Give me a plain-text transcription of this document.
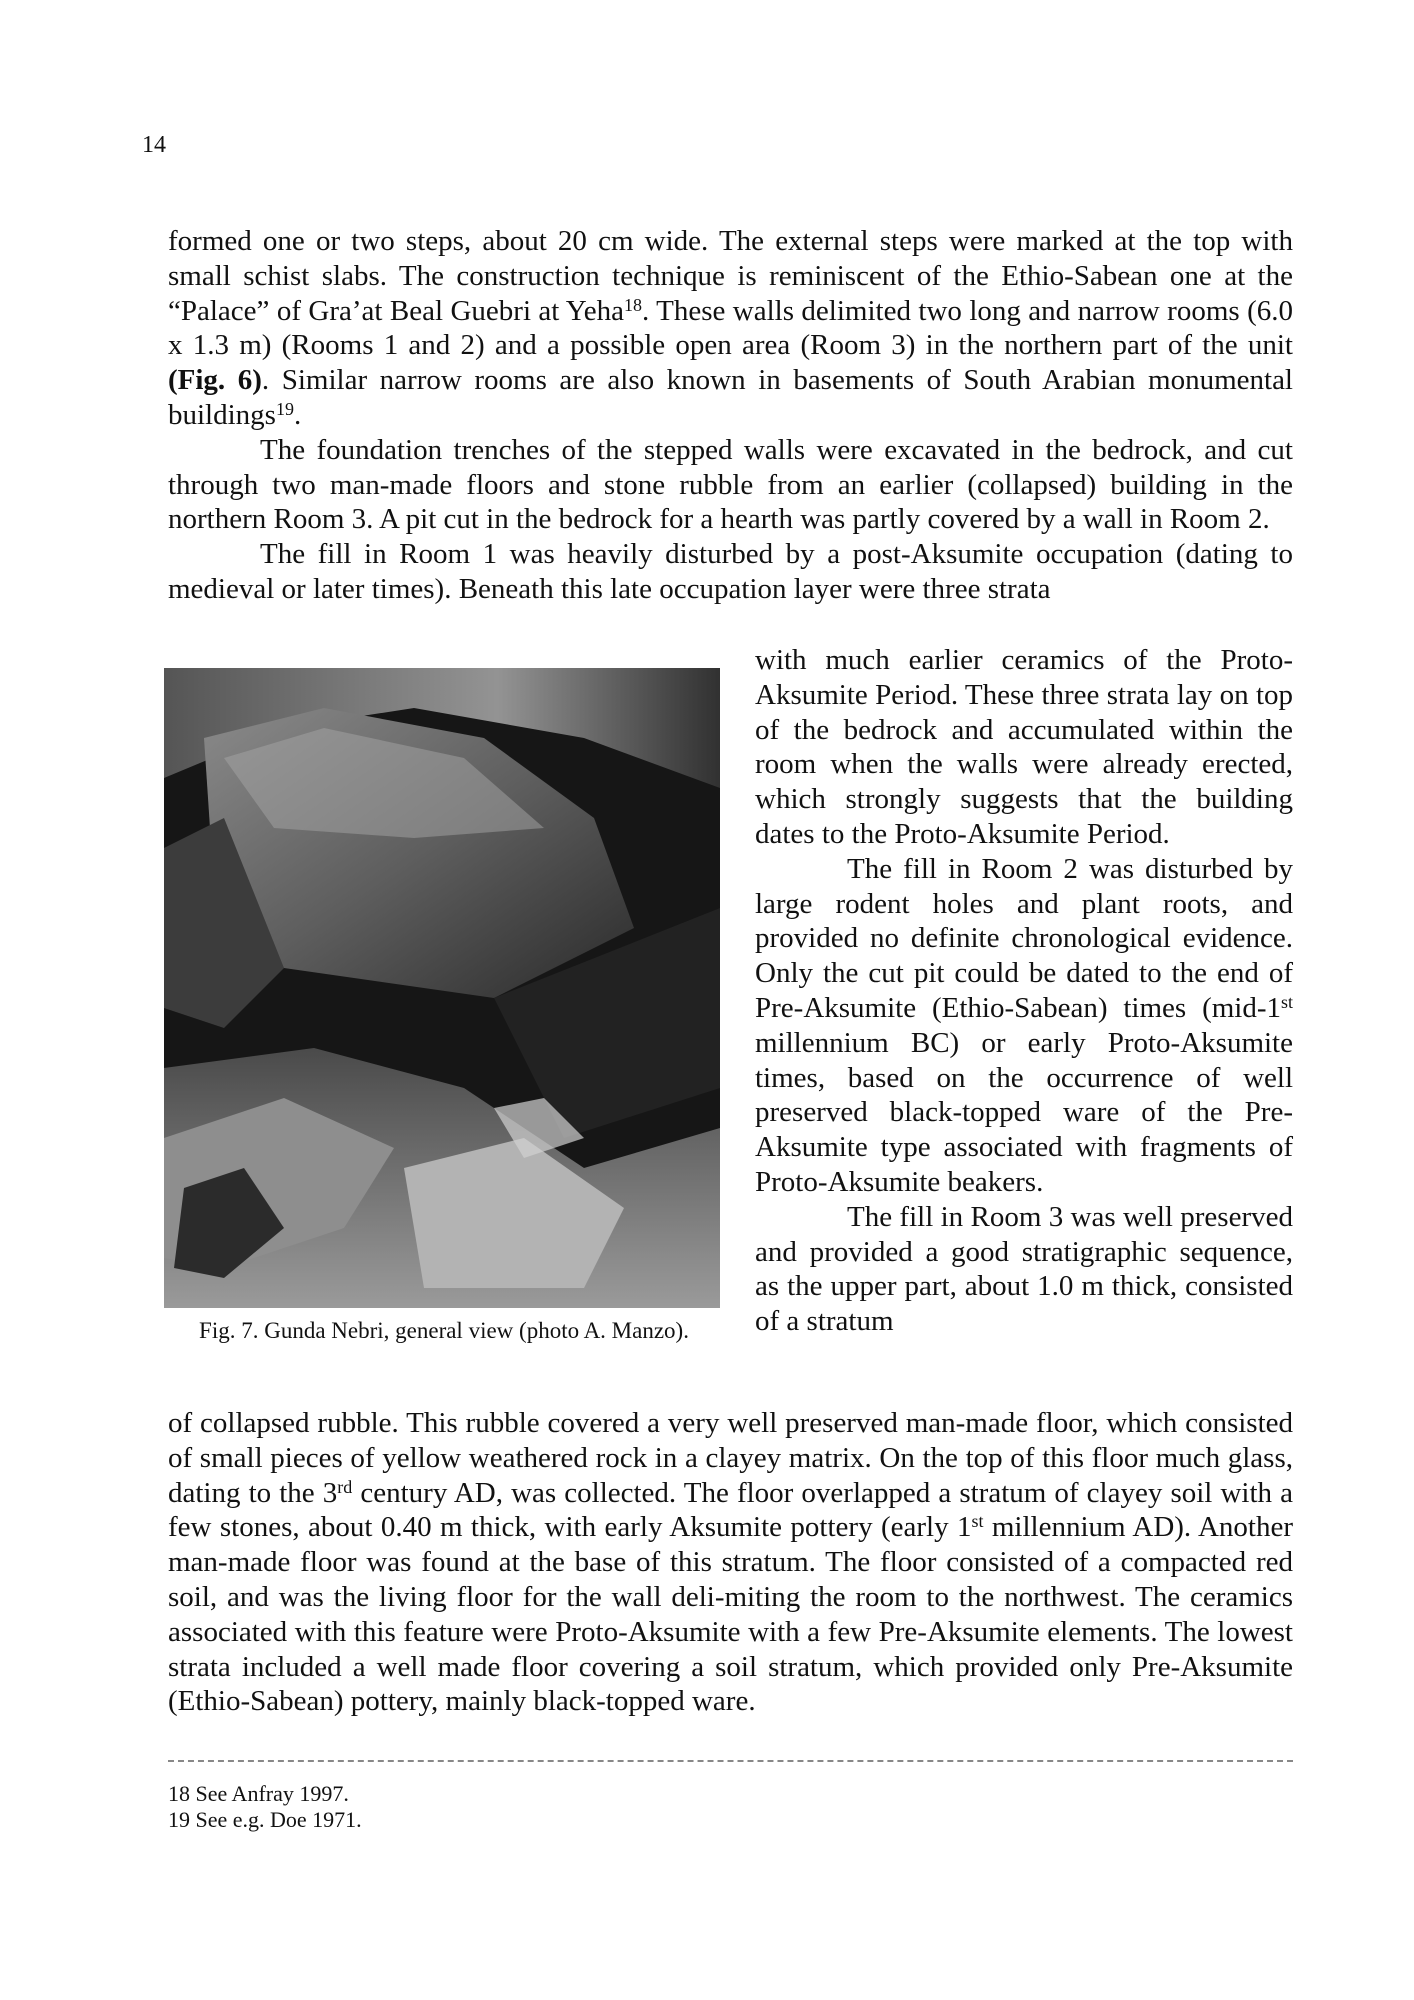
14

formed one or two steps, about 20 cm wide. The external steps were marked at the top with small schist slabs. The construction technique is reminiscent of the Ethio-Sabean one at the “Palace” of Gra’at Beal Guebri at Yeha$^{18}$. These walls delimited two long and narrow rooms (6.0 x 1.3 m) (Rooms 1 and 2) and a possible open area (Room 3) in the northern part of the unit (Fig. 6). Similar narrow rooms are also known in basements of South Arabian monumental buildings$^{19}$.

The foundation trenches of the stepped walls were excavated in the bedrock, and cut through two man-made floors and stone rubble from an earlier (collapsed) building in the northern Room 3. A pit cut in the bedrock for a hearth was partly covered by a wall in Room 2.

The fill in Room 1 was heavily disturbed by a post-Aksumite occupation (dating to medieval or later times). Beneath this late occupation layer were three strata

Fig. 7. Gunda Nebri, general view (photo A. Manzo).

with much earlier ceramics of the Proto-Aksumite Period. These three strata lay on top of the bedrock and accumulated within the room when the walls were already erected, which strongly suggests that the building dates to the Proto-Aksumite Period.

The fill in Room 2 was disturbed by large rodent holes and plant roots, and provided no definite chronological evidence. Only the cut pit could be dated to the end of Pre-Aksumite (Ethio-Sabean) times (mid-1st millennium BC) or early Proto-Aksumite times, based on the occurrence of well preserved black-topped ware of the Pre-Aksumite type associated with fragments of Proto-Aksumite beakers.

The fill in Room 3 was well preserved and provided a good stratigraphic sequence, as the upper part, about 1.0 m thick, consisted of a stratum

of collapsed rubble. This rubble covered a very well preserved man-made floor, which consisted of small pieces of yellow weathered rock in a clayey matrix. On the top of this floor much glass, dating to the 3rd century AD, was collected. The floor overlapped a stratum of clayey soil with a few stones, about 0.40 m thick, with early Aksumite pottery (early 1st millennium AD). Another man-made floor was found at the base of this stratum. The floor consisted of a compacted red soil, and was the living floor for the wall deli-miting the room to the northwest. The ceramics associated with this feature were Proto-Aksumite with a few Pre-Aksumite elements. The lowest strata included a well made floor covering a soil stratum, which provided only Pre-Aksumite (Ethio-Sabean) pottery, mainly black-topped ware.

18 See Anfray 1997.
19 See e.g. Doe 1971.
